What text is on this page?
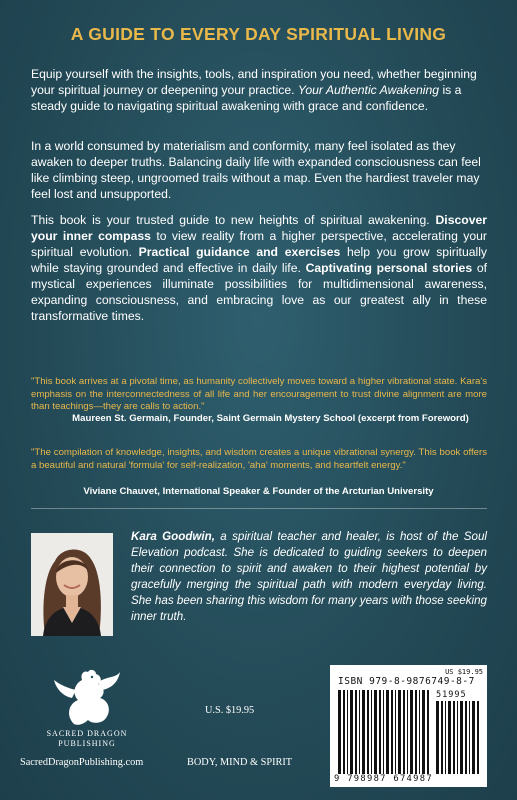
A GUIDE TO EVERY DAY SPIRITUAL LIVING

Equip yourself with the insights, tools, and inspiration you need, whether beginning your spiritual journey or deepening your practice. Your Authentic Awakening is a steady guide to navigating spiritual awakening with grace and confidence.

In a world consumed by materialism and conformity, many feel isolated as they awaken to deeper truths. Balancing daily life with expanded consciousness can feel like climbing steep, ungroomed trails without a map. Even the hardiest traveler may feel lost and unsupported.

This book is your trusted guide to new heights of spiritual awakening. Discover your inner compass to view reality from a higher perspective, accelerating your spiritual evolution. Practical guidance and exercises help you grow spiritually while staying grounded and effective in daily life. Captivating personal stories of mystical experiences illuminate possibilities for multidimensional awareness, expanding consciousness, and embracing love as our greatest ally in these transformative times.

"This book arrives at a pivotal time, as humanity collectively moves toward a higher vibrational state. Kara's emphasis on the interconnectedness of all life and her encouragement to trust divine alignment are more than teachings—they are calls to action."

Maureen St. Germain, Founder, Saint Germain Mystery School (excerpt from Foreword)

"The compilation of knowledge, insights, and wisdom creates a unique vibrational synergy. This book offers a beautiful and natural 'formula' for self-realization, 'aha' moments, and heartfelt energy."

Viviane Chauvet, International Speaker & Founder of the Arcturian University

Kara Goodwin, a spiritual teacher and healer, is host of the Soul Elevation podcast. She is dedicated to guiding seekers to deepen their connection to spirit and awaken to their highest potential by gracefully merging the spiritual path with modern everyday living. She has been sharing this wisdom for many years with those seeking inner truth.

SACRED DRAGON
PUBLISHING
SacredDragonPublishing.com
U.S. $19.95
BODY, MIND & SPIRIT
US $19.95
ISBN 979-8-9876749-8-7
51995
9 798987 674987
